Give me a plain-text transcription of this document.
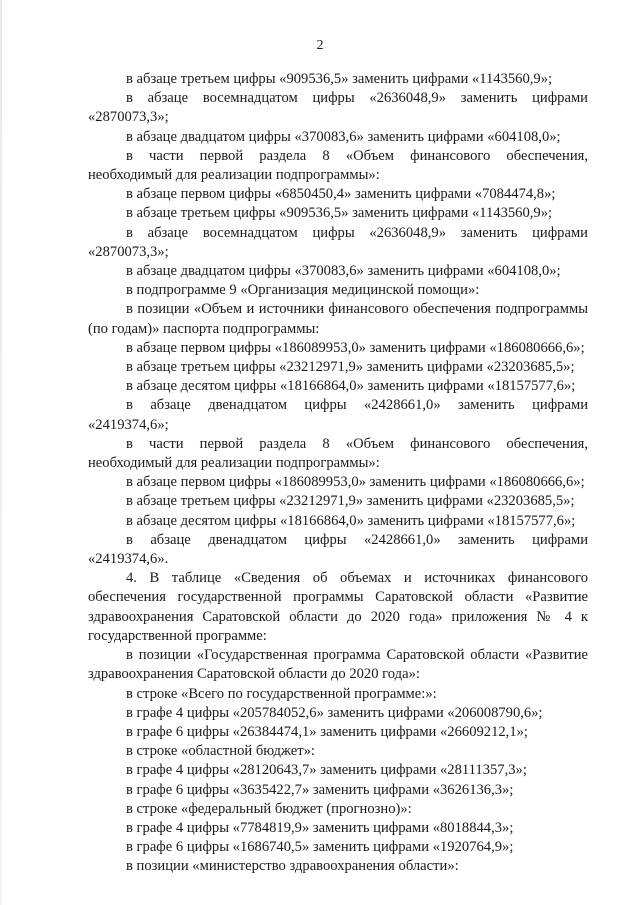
2

в абзаце третьем цифры «909536,5» заменить цифрами «1143560,9»;

в абзаце восемнадцатом цифры «2636048,9» заменить цифрами «2870073,3»;

в абзаце двадцатом цифры «370083,6» заменить цифрами «604108,0»;

в части первой раздела 8 «Объем финансового обеспечения, необходимый для реализации подпрограммы»:

в абзаце первом цифры «6850450,4» заменить цифрами «7084474,8»;

в абзаце третьем цифры «909536,5» заменить цифрами «1143560,9»;

в абзаце восемнадцатом цифры «2636048,9» заменить цифрами «2870073,3»;

в абзаце двадцатом цифры «370083,6» заменить цифрами «604108,0»;

в подпрограмме 9 «Организация медицинской помощи»:

в позиции «Объем и источники финансового обеспечения подпрограммы (по годам)» паспорта подпрограммы:

в абзаце первом цифры «186089953,0» заменить цифрами «186080666,6»;

в абзаце третьем цифры «23212971,9» заменить цифрами «23203685,5»;

в абзаце десятом цифры «18166864,0» заменить цифрами «18157577,6»;

в абзаце двенадцатом цифры «2428661,0» заменить цифрами «2419374,6»;

в части первой раздела 8 «Объем финансового обеспечения, необходимый для реализации подпрограммы»:

в абзаце первом цифры «186089953,0» заменить цифрами «186080666,6»;

в абзаце третьем цифры «23212971,9» заменить цифрами «23203685,5»;

в абзаце десятом цифры «18166864,0» заменить цифрами «18157577,6»;

в абзаце двенадцатом цифры «2428661,0» заменить цифрами «2419374,6».

4. В таблице «Сведения об объемах и источниках финансового обеспечения государственной программы Саратовской области «Развитие здравоохранения Саратовской области до 2020 года» приложения № 4 к государственной программе:

в позиции «Государственная программа Саратовской области «Развитие здравоохранения Саратовской области до 2020 года»:

в строке «Всего по государственной программе:»:

в графе 4 цифры «205784052,6» заменить цифрами «206008790,6»;

в графе 6 цифры «26384474,1» заменить цифрами «26609212,1»;

в строке «областной бюджет»:

в графе 4 цифры «28120643,7» заменить цифрами «28111357,3»;

в графе 6 цифры «3635422,7» заменить цифрами «3626136,3»;

в строке «федеральный бюджет (прогнозно)»:

в графе 4 цифры «7784819,9» заменить цифрами «8018844,3»;

в графе 6 цифры «1686740,5» заменить цифрами «1920764,9»;

в позиции «министерство здравоохранения области»:
